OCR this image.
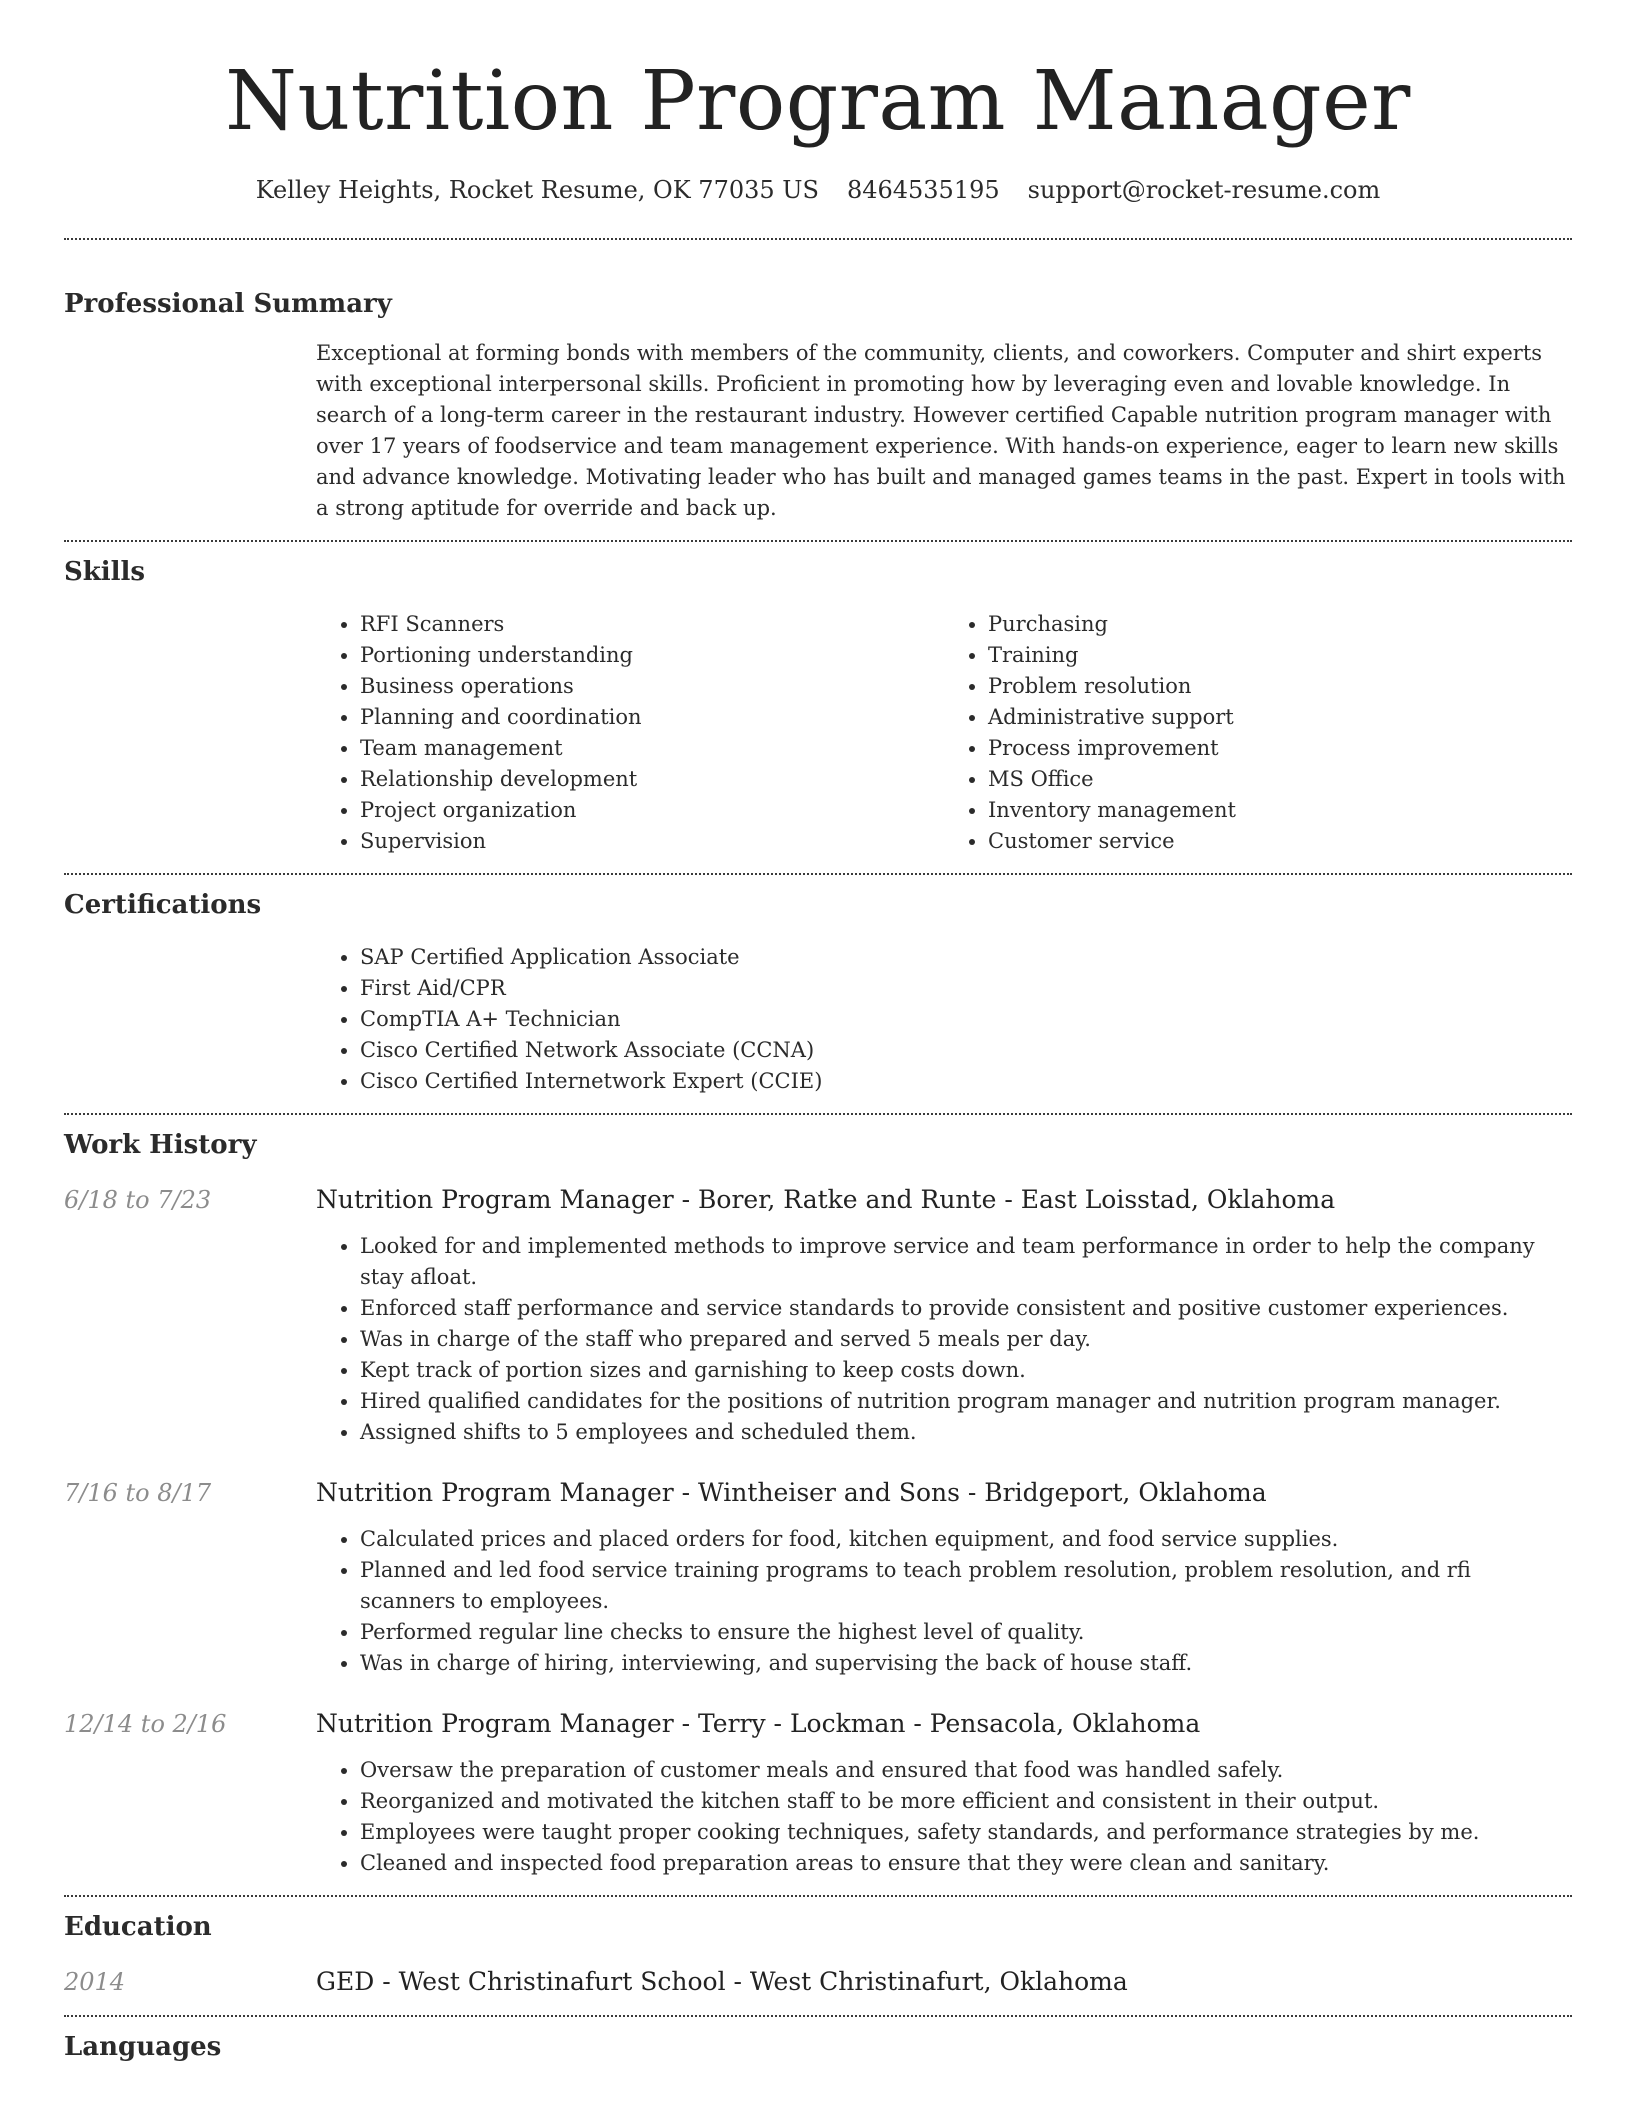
Nutrition Program Manager
Kelley Heights, Rocket Resume, OK 77035 US 8464535195 support@rocket-resume.com
Professional Summary

Exceptional at forming bonds with members of the community, clients, and coworkers. Computer and shirt experts with exceptional interpersonal skills. Proficient in promoting how by leveraging even and lovable knowledge. In search of a long-term career in the restaurant industry. However certified Capable nutrition program manager with over 17 years of foodservice and team management experience. With hands-on experience, eager to learn new skills and advance knowledge. Motivating leader who has built and managed games teams in the past. Expert in tools with a strong aptitude for override and back up.

Skills
• RFI Scanners
• Portioning understanding
• Business operations
• Planning and coordination
• Team management
• Relationship development
• Project organization
• Supervision
• Purchasing
• Training
• Problem resolution
• Administrative support
• Process improvement
• MS Office
• Inventory management
• Customer service
Certifications
• SAP Certified Application Associate
• First Aid/CPR
• CompTIA A+ Technician
• Cisco Certified Network Associate (CCNA)
• Cisco Certified Internetwork Expert (CCIE)
Work History
6/18 to 7/23	Nutrition Program Manager - Borer, Ratke and Runte - East Loisstad, Oklahoma
• Looked for and implemented methods to improve service and team performance in order to help the company stay afloat.
• Enforced staff performance and service standards to provide consistent and positive customer experiences.
• Was in charge of the staff who prepared and served 5 meals per day.
• Kept track of portion sizes and garnishing to keep costs down.
• Hired qualified candidates for the positions of nutrition program manager and nutrition program manager.
• Assigned shifts to 5 employees and scheduled them.
7/16 to 8/17	Nutrition Program Manager - Wintheiser and Sons - Bridgeport, Oklahoma
• Calculated prices and placed orders for food, kitchen equipment, and food service supplies.
• Planned and led food service training programs to teach problem resolution, problem resolution, and rfi scanners to employees.
• Performed regular line checks to ensure the highest level of quality.
• Was in charge of hiring, interviewing, and supervising the back of house staff.
12/14 to 2/16	Nutrition Program Manager - Terry - Lockman - Pensacola, Oklahoma
• Oversaw the preparation of customer meals and ensured that food was handled safely.
• Reorganized and motivated the kitchen staff to be more efficient and consistent in their output.
• Employees were taught proper cooking techniques, safety standards, and performance strategies by me.
• Cleaned and inspected food preparation areas to ensure that they were clean and sanitary.
Education
2014	GED - West Christinafurt School - West Christinafurt, Oklahoma
Languages
